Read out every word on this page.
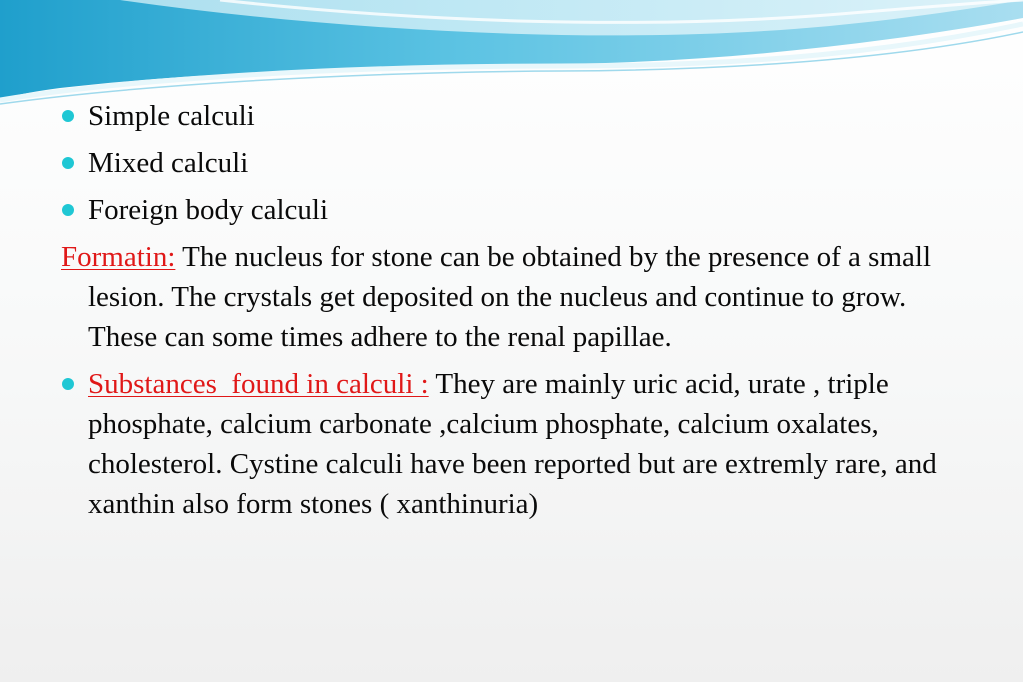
Simple calculi

Mixed calculi

Foreign body calculi

Formatin: The nucleus for stone can be obtained by the presence of a small lesion. The crystals get deposited on the nucleus and continue to grow. These can some times adhere to the renal papillae.

Substances  found in calculi : They are mainly uric acid, urate , triple phosphate, calcium carbonate ,calcium phosphate, calcium oxalates, cholesterol. Cystine calculi have been reported but are extremly rare, and xanthin also form stones ( xanthinuria)
